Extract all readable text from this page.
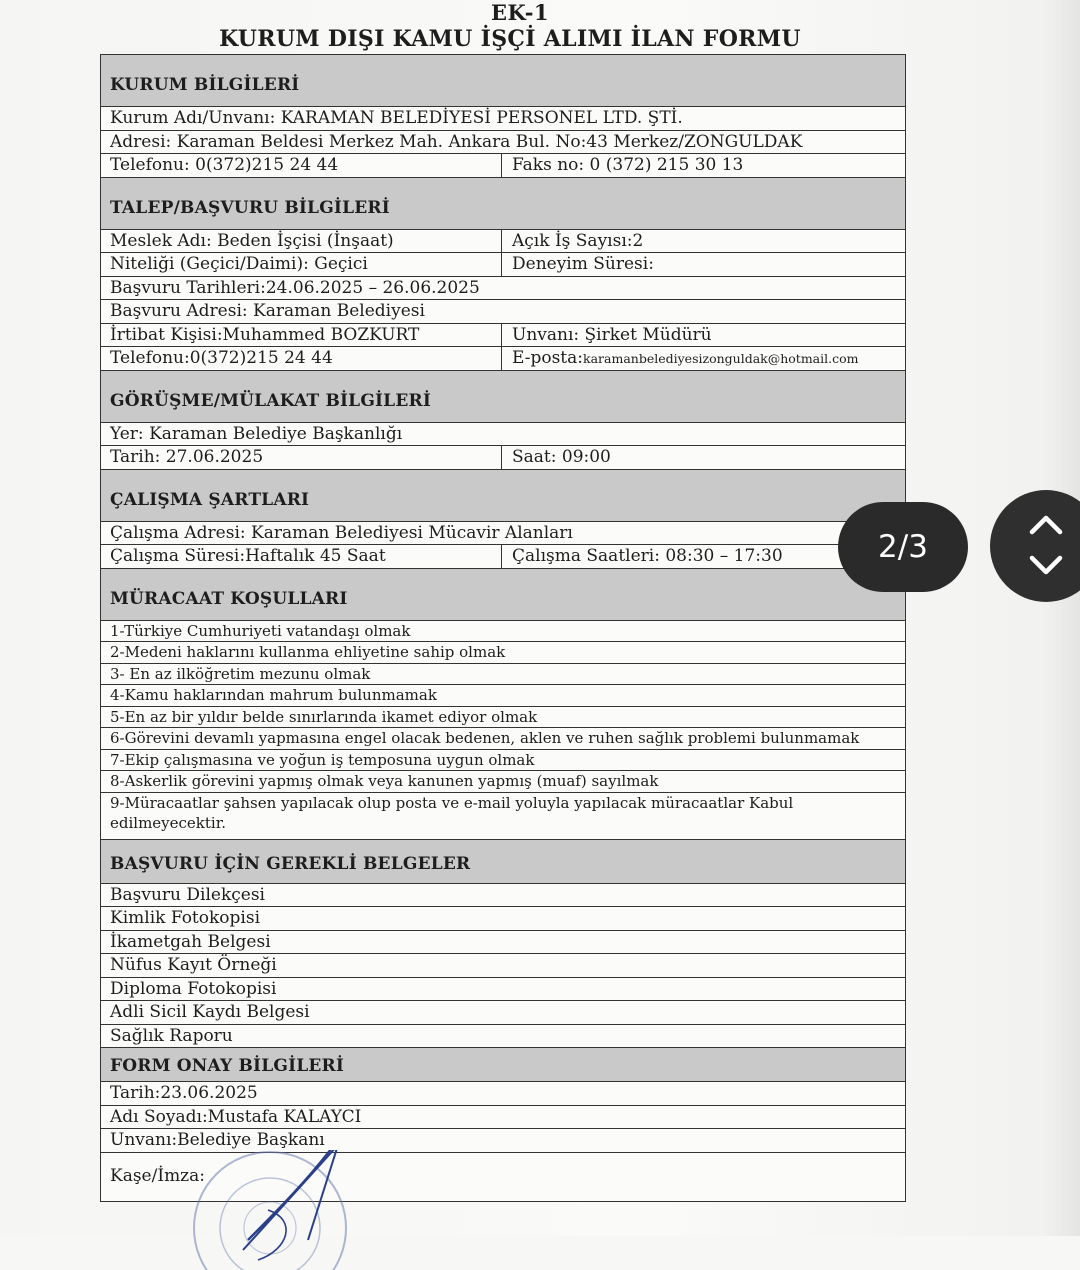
EK-1
KURUM DIŞI KAMU İŞÇİ ALIMI İLAN FORMU
KURUM BİLGİLERİ
Kurum Adı/Unvanı: KARAMAN BELEDİYESİ PERSONEL LTD. ŞTİ.
Adresi: Karaman Beldesi Merkez Mah. Ankara Bul. No:43 Merkez/ZONGULDAK
Telefonu: 0(372)215 24 44	Faks no: 0 (372) 215 30 13
TALEP/BAŞVURU BİLGİLERİ
Meslek Adı: Beden İşçisi (İnşaat)	Açık İş Sayısı:2
Niteliği (Geçici/Daimi): Geçici	Deneyim Süresi:
Başvuru Tarihleri:24.06.2025 – 26.06.2025
Başvuru Adresi: Karaman Belediyesi
İrtibat Kişisi:Muhammed BOZKURT	Unvanı: Şirket Müdürü
Telefonu:0(372)215 24 44	E-posta:karamanbelediyesizonguldak@hotmail.com
GÖRÜŞME/MÜLAKAT BİLGİLERİ
Yer: Karaman Belediye Başkanlığı
Tarih: 27.06.2025	Saat: 09:00
ÇALIŞMA ŞARTLARI
Çalışma Adresi: Karaman Belediyesi Mücavir Alanları
Çalışma Süresi:Haftalık 45 Saat	Çalışma Saatleri: 08:30 – 17:30
MÜRACAAT KOŞULLARI
1-Türkiye Cumhuriyeti vatandaşı olmak
2-Medeni haklarını kullanma ehliyetine sahip olmak
3- En az ilköğretim mezunu olmak
4-Kamu haklarından mahrum bulunmamak
5-En az bir yıldır belde sınırlarında ikamet ediyor olmak
6-Görevini devamlı yapmasına engel olacak bedenen, aklen ve ruhen sağlık problemi bulunmamak
7-Ekip çalışmasına ve yoğun iş temposuna uygun olmak
8-Askerlik görevini yapmış olmak veya kanunen yapmış (muaf) sayılmak
9-Müracaatlar şahsen yapılacak olup posta ve e-mail yoluyla yapılacak müracaatlar Kabul edilmeyecektir.
BAŞVURU İÇİN GEREKLİ BELGELER
Başvuru Dilekçesi
Kimlik Fotokopisi
İkametgah Belgesi
Nüfus Kayıt Örneği
Diploma Fotokopisi
Adli Sicil Kaydı Belgesi
Sağlık Raporu
FORM ONAY BİLGİLERİ
Tarih:23.06.2025
Adı Soyadı:Mustafa KALAYCI
Unvanı:Belediye Başkanı
Kaşe/İmza:
2/3
